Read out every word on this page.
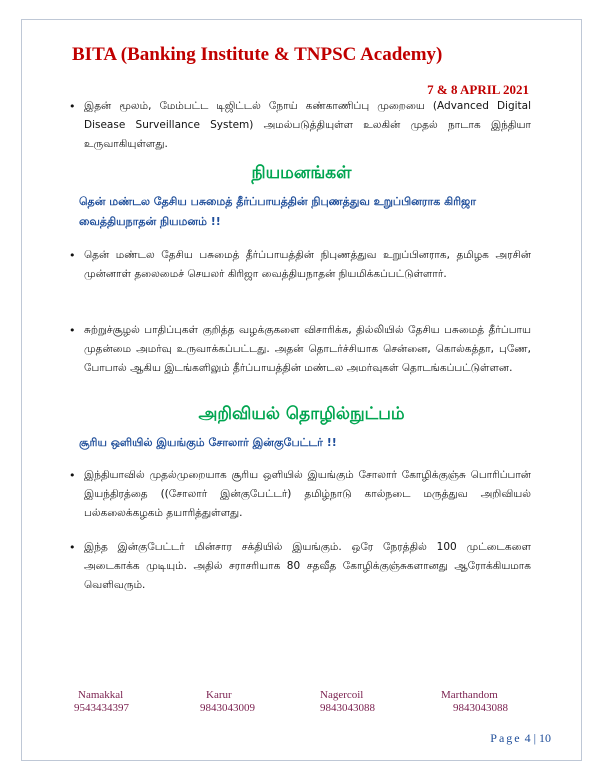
BITA (Banking Institute & TNPSC Academy)
7 & 8 APRIL 2021
• இதன் மூலம், மேம்பட்ட டிஜிட்டல் நோய் கண்காணிப்பு முறையை (Advanced Digital Disease Surveillance System) அமல்படுத்தியுள்ள உலகின் முதல் நாடாக இந்தியா உருவாகியுள்ளது.
நியமனங்கள்
தென் மண்டல தேசிய பசுமைத் தீர்ப்பாயத்தின் நிபுணத்துவ உறுப்பினராக கிரிஜா வைத்தியநாதன் நியமனம் !!
• தென் மண்டல தேசிய பசுமைத் தீர்ப்பாயத்தின் நிபுணத்துவ உறுப்பினராக, தமிழக அரசின் முன்னாள் தலைமைச் செயலர் கிரிஜா வைத்தியநாதன் நியமிக்கப்பட்டுள்ளார்.
• சுற்றுச்சூழல் பாதிப்புகள் குறித்த வழக்குகளை விசாரிக்க, தில்லியில் தேசிய பசுமைத் தீர்ப்பாய முதன்மை அமர்வு உருவாக்கப்பட்டது. அதன் தொடர்ச்சியாக சென்னை, கொல்கத்தா, புணே, போபால் ஆகிய இடங்களிலும் தீர்ப்பாயத்தின் மண்டல அமர்வுகள் தொடங்கப்பட்டுள்ளன.
அறிவியல் தொழில்நுட்பம்
சூரிய ஒளியில் இயங்கும் சோலார் இன்குபேட்டர் !!
• இந்தியாவில் முதல்முறையாக சூரிய ஒளியில் இயங்கும் சோலார் கோழிக்குஞ்சு பொரிப்பான் இயந்திரத்தை ((சோலார் இன்குபேட்டர்) தமிழ்நாடு கால்நடை மருத்துவ அறிவியல் பல்கலைக்கழகம் தயாரித்துள்ளது.
• இந்த இன்குபேட்டர் மின்சார சக்தியில் இயங்கும். ஒரே நேரத்தில் 100 முட்டைகளை அடைகாக்க முடியும். அதில் சராசரியாக 80 சதவீத கோழிக்குஞ்சுகளானது ஆரோக்கியமாக வெளிவரும்.
Namakkal
9543434397
Karur
9843043009
Nagercoil
9843043088
Marthandom
9843043088
Page 4 | 10
